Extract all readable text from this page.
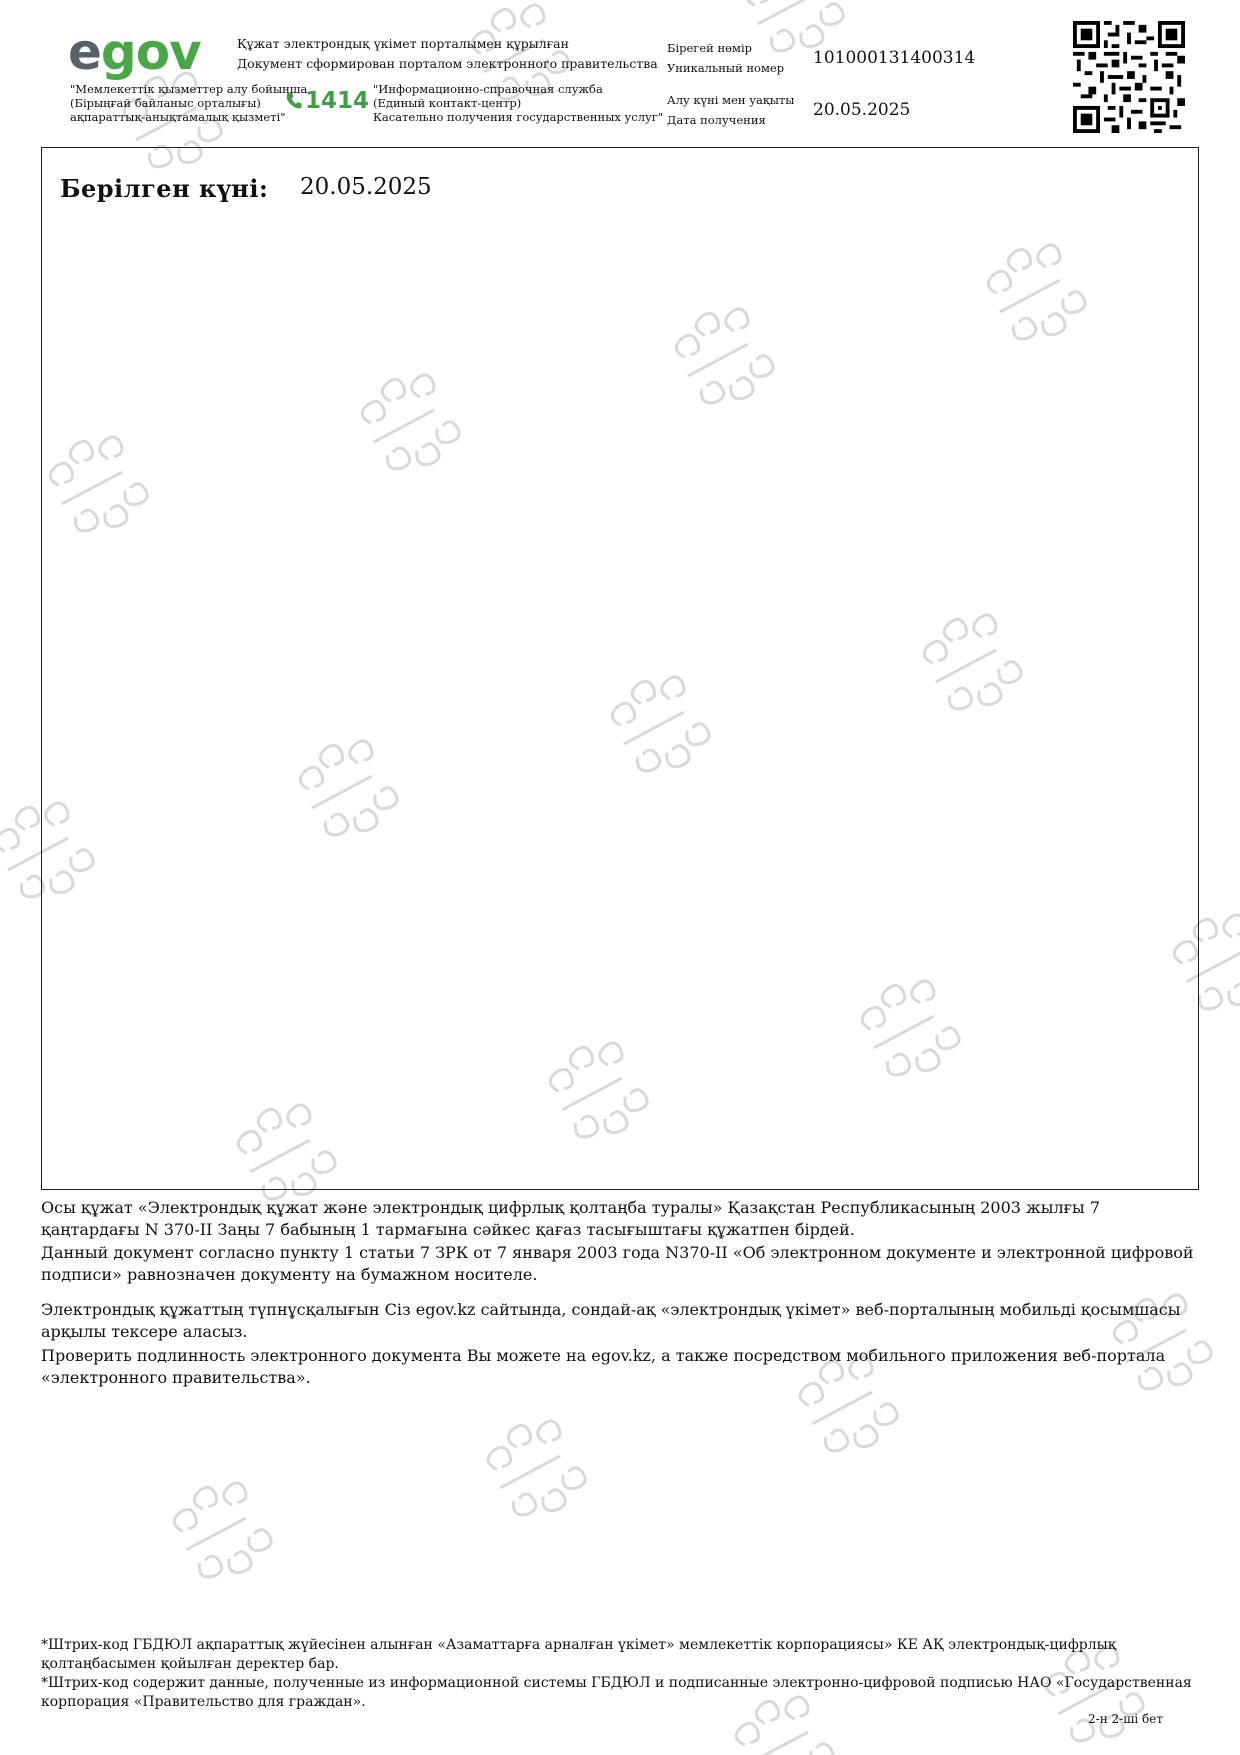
egov	Құжат электрондық үкімет порталымен құрылған
Документ сформирован порталом электронного правительства
"Мемлекеттік қызметтер алу бойынша
(Бірыңғай байланыс орталығы)
ақпараттық-анықтамалық қызметі"
1414 "Информационно-справочная служба
(Единый контакт-центр)
Касательно получения государственных услуг"
Бірегей нөмір
Уникальный номер 101000131400314
Алу күні мен уақыты
Дата получения	20.05.2025
Берілген күні: 20.05.2025
Осы құжат «Электрондық құжат және электрондық цифрлық қолтаңба туралы» Қазақстан Республикасының 2003 жылғы 7 қаңтардағы N 370-II Заңы 7 бабының 1 тармағына сәйкес қағаз тасығыштағы құжатпен бірдей.
Данный документ согласно пункту 1 статьи 7 ЗРК от 7 января 2003 года N370-II «Об электронном документе и электронной цифровой подписи» равнозначен документу на бумажном носителе.
Электрондық құжаттың түпнұсқалығын Сіз egov.kz сайтында, сондай-ақ «электрондық үкімет» веб-порталының мобильді қосымшасы арқылы тексере аласыз.
Проверить подлинность электронного документа Вы можете на egov.kz, а также посредством мобильного приложения веб-портала «электронного правительства».
*Штрих-код ГБДЮЛ ақпараттық жүйесінен алынған «Азаматтарға арналған үкімет» мемлекеттік корпорациясы» КЕ АҚ электрондық-цифрлық қолтаңбасымен қойылған деректер бар.
*Штрих-код содержит данные, полученные из информационной системы ГБДЮЛ и подписанные электронно-цифровой подписью НАО «Государственная корпорация «Правительство для граждан».
2-н 2-ші бет
